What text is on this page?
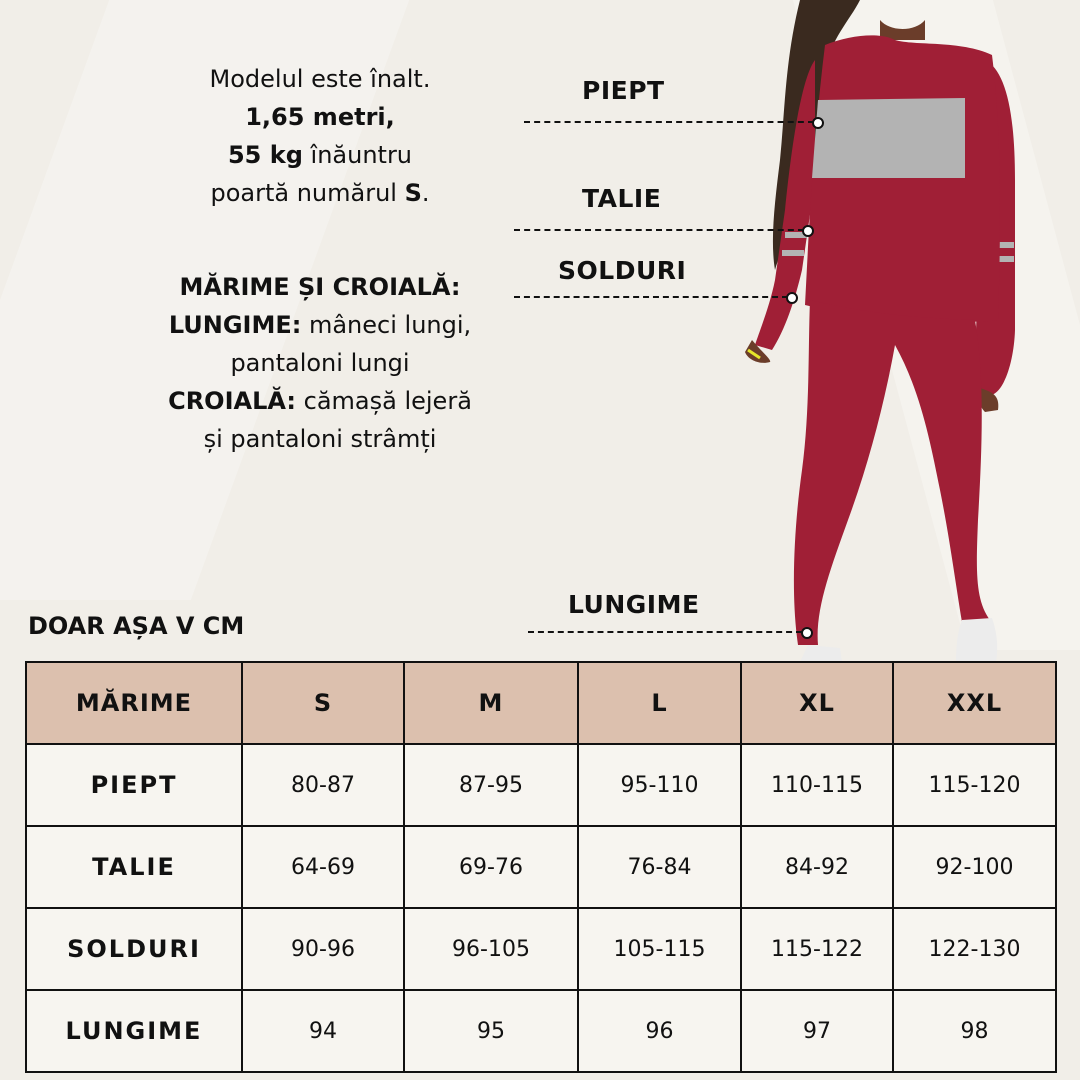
Modelul este înalt.
1,65 metri,
55 kg înăuntru
poartă numărul S.
MĂRIME ȘI CROIALĂ:
LUNGIME: mâneci lungi,
pantaloni lungi
CROIALĂ: cămașă lejeră
și pantaloni strâmți
PIEPT
TALIE
SOLDURI
LUNGIME
DOAR AȘA V CM
MĂRIME	S	M	L	XL	XXL
PIEPT	80-87	87-95	95-110	110-115	115-120
TALIE	64-69	69-76	76-84	84-92	92-100
SOLDURI	90-96	96-105	105-115	115-122	122-130
LUNGIME	94	95	96	97	98
